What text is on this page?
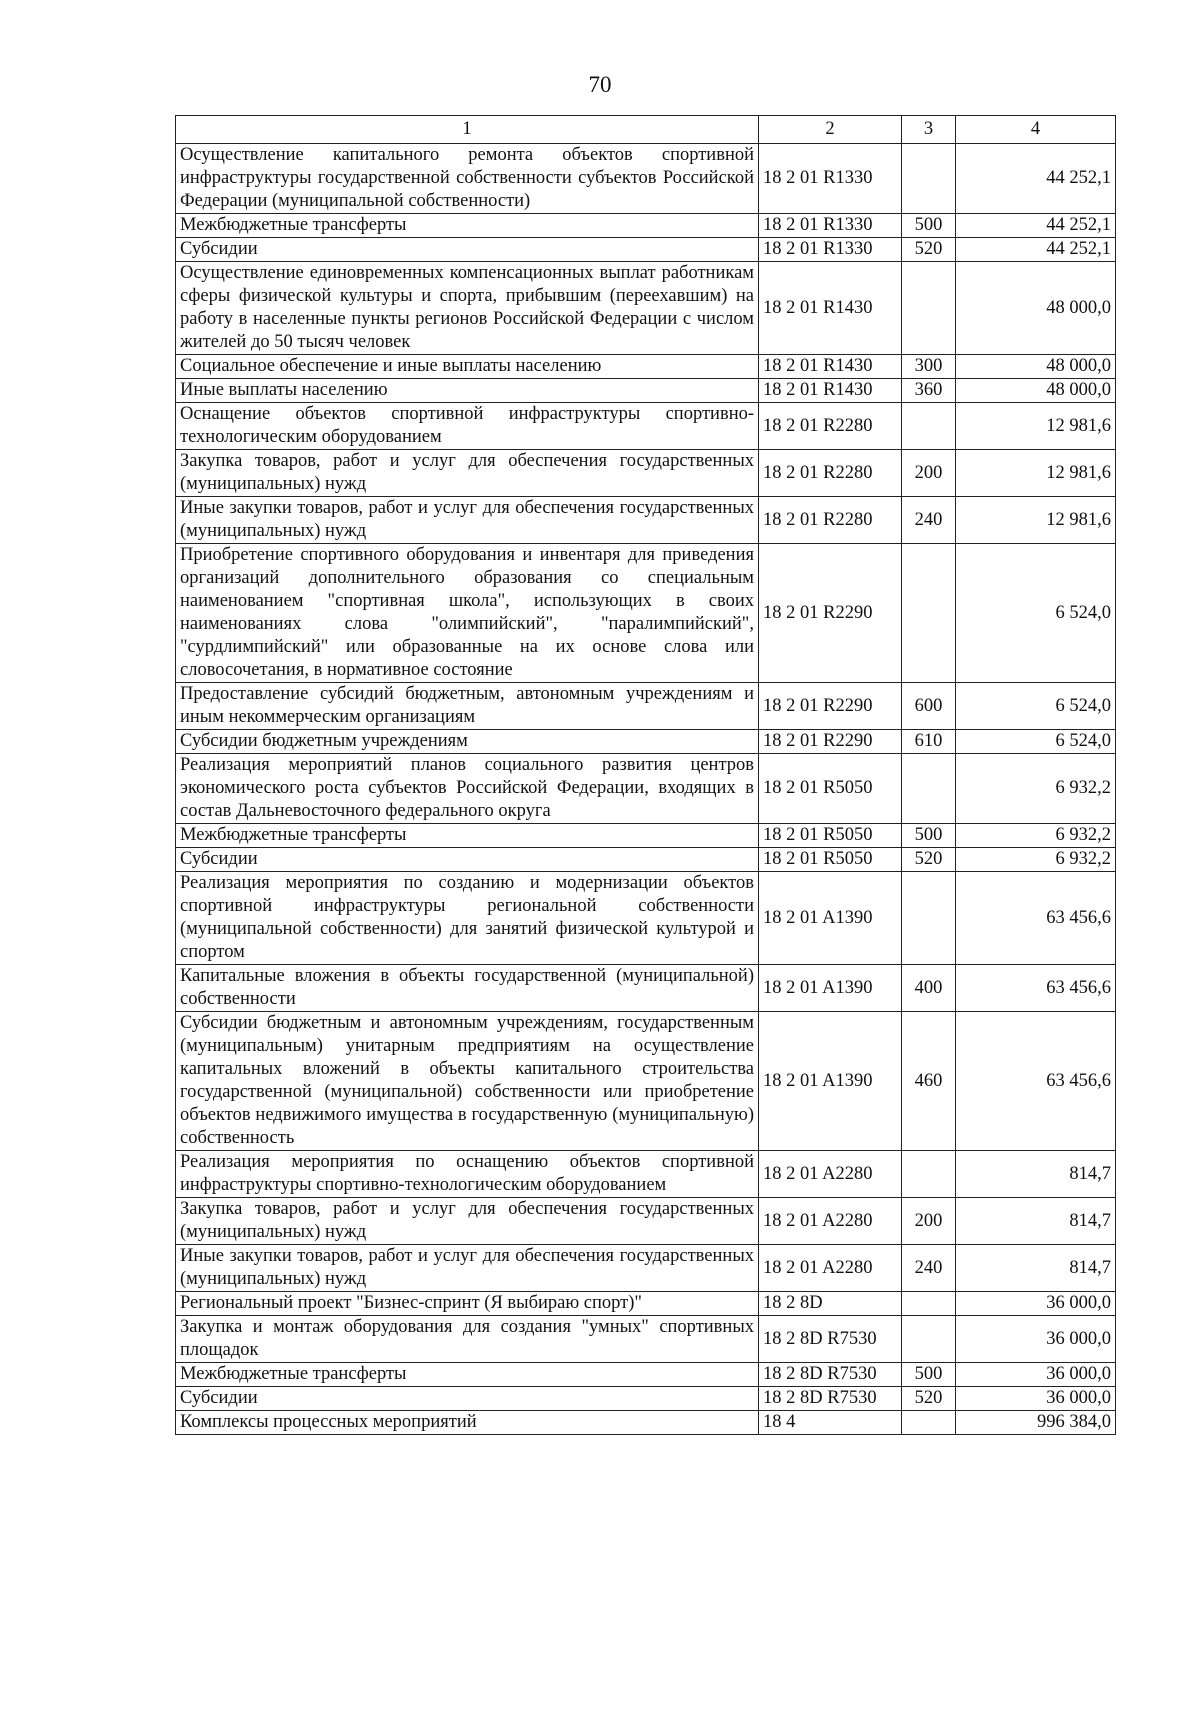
70
1	2	3	4
Осуществление капитального ремонта объектов спортивной инфраструктуры государственной собственности субъектов Российской Федерации (муниципальной собственности)	18 2 01 R1330		44 252,1
Межбюджетные трансферты	18 2 01 R1330	500	44 252,1
Субсидии	18 2 01 R1330	520	44 252,1
Осуществление единовременных компенсационных выплат работникам сферы физической культуры и спорта, прибывшим (переехавшим) на работу в населенные пункты регионов Российской Федерации с числом жителей до 50 тысяч человек	18 2 01 R1430		48 000,0
Социальное обеспечение и иные выплаты населению	18 2 01 R1430	300	48 000,0
Иные выплаты населению	18 2 01 R1430	360	48 000,0
Оснащение объектов спортивной инфраструктуры спортивно-технологическим оборудованием	18 2 01 R2280		12 981,6
Закупка товаров, работ и услуг для обеспечения государственных (муниципальных) нужд	18 2 01 R2280	200	12 981,6
Иные закупки товаров, работ и услуг для обеспечения государственных (муниципальных) нужд	18 2 01 R2280	240	12 981,6
Приобретение спортивного оборудования и инвентаря для приведения организаций дополнительного образования со специальным наименованием "спортивная школа", использующих в своих наименованиях слова "олимпийский", "паралимпийский", "сурдлимпийский" или образованные на их основе слова или словосочетания, в нормативное состояние	18 2 01 R2290		6 524,0
Предоставление субсидий бюджетным, автономным учреждениям и иным некоммерческим организациям	18 2 01 R2290	600	6 524,0
Субсидии бюджетным учреждениям	18 2 01 R2290	610	6 524,0
Реализация мероприятий планов социального развития центров экономического роста субъектов Российской Федерации, входящих в состав Дальневосточного федерального округа	18 2 01 R5050		6 932,2
Межбюджетные трансферты	18 2 01 R5050	500	6 932,2
Субсидии	18 2 01 R5050	520	6 932,2
Реализация мероприятия по созданию и модернизации объектов спортивной инфраструктуры региональной собственности (муниципальной собственности) для занятий физической культурой и спортом	18 2 01 A1390		63 456,6
Капитальные вложения в объекты государственной (муниципальной) собственности	18 2 01 A1390	400	63 456,6
Субсидии бюджетным и автономным учреждениям, государственным (муниципальным) унитарным предприятиям на осуществление капитальных вложений в объекты капитального строительства государственной (муниципальной) собственности или приобретение объектов недвижимого имущества в государственную (муниципальную) собственность	18 2 01 A1390	460	63 456,6
Реализация мероприятия по оснащению объектов спортивной инфраструктуры спортивно-технологическим оборудованием	18 2 01 A2280		814,7
Закупка товаров, работ и услуг для обеспечения государственных (муниципальных) нужд	18 2 01 A2280	200	814,7
Иные закупки товаров, работ и услуг для обеспечения государственных (муниципальных) нужд	18 2 01 A2280	240	814,7
Региональный проект "Бизнес-спринт (Я выбираю спорт)"	18 2 8D		36 000,0
Закупка и монтаж оборудования для создания "умных" спортивных площадок	18 2 8D R7530		36 000,0
Межбюджетные трансферты	18 2 8D R7530	500	36 000,0
Субсидии	18 2 8D R7530	520	36 000,0
Комплексы процессных мероприятий	18 4		996 384,0
